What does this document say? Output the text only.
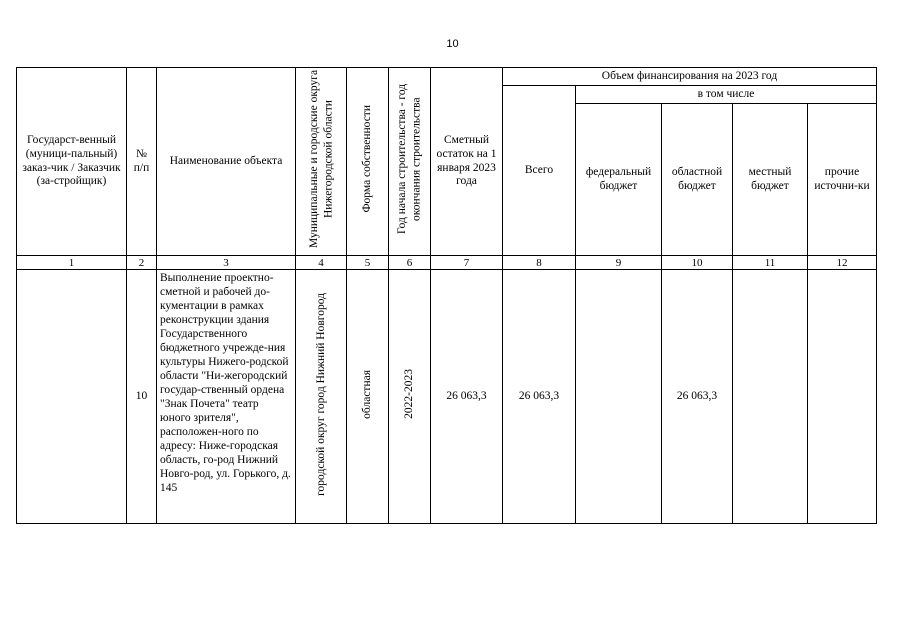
10
Государст-венный (муници-пальный) заказ-чик / Заказчик (за-стройщик)	№ п/п	Наименование объекта	Муниципальные и городские округа Нижегородской области	Форма собственности	Год начала строительства - год окончания строительства	Сметный остаток на 1 января 2023 года	Объем финансирования на 2023 год				
							Всего	в том числе			
								федеральный бюджет	областной бюджет	местный бюджет	прочие источни-ки
1	2	3	4	5	6	7	8	9	10	11	12
	10	Выполнение проектно-сметной и рабочей до-кументации в рамках реконструкции здания Государственного бюджетного учрежде-ния культуры Нижего-родской области "Ни-жегородский государ-ственный ордена "Знак Почета" театр юного зрителя", расположен-ного по адресу: Ниже-городская область, го-род Нижний Новго-род, ул. Горького, д. 145	городской округ город Нижний Новгород	областная	2022-2023	26 063,3	26 063,3		26 063,3		
